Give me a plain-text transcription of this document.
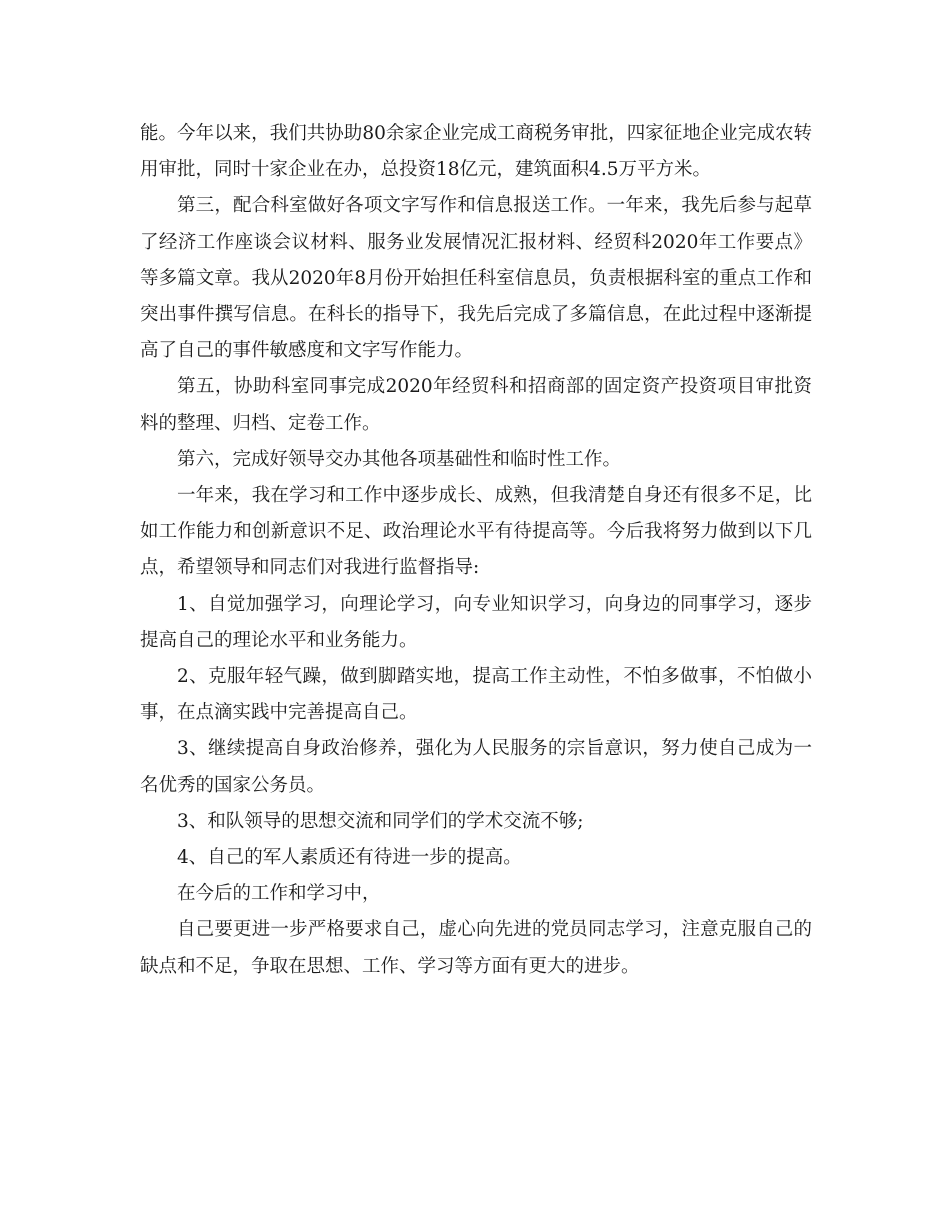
能。今年以来，我们共协助80余家企业完成工商税务审批，四家征地企业完成农转用审批，同时十家企业在办，总投资18亿元，建筑面积4.5万平方米。

第三，配合科室做好各项文字写作和信息报送工作。一年来，我先后参与起草了经济工作座谈会议材料、服务业发展情况汇报材料、经贸科2020年工作要点》等多篇文章。我从2020年8月份开始担任科室信息员，负责根据科室的重点工作和突出事件撰写信息。在科长的指导下，我先后完成了多篇信息，在此过程中逐渐提高了自己的事件敏感度和文字写作能力。

第五，协助科室同事完成2020年经贸科和招商部的固定资产投资项目审批资料的整理、归档、定卷工作。

第六，完成好领导交办其他各项基础性和临时性工作。

一年来，我在学习和工作中逐步成长、成熟，但我清楚自身还有很多不足，比如工作能力和创新意识不足、政治理论水平有待提高等。今后我将努力做到以下几点，希望领导和同志们对我进行监督指导:

1、自觉加强学习，向理论学习，向专业知识学习，向身边的同事学习，逐步提高自己的理论水平和业务能力。

2、克服年轻气躁，做到脚踏实地，提高工作主动性，不怕多做事，不怕做小事，在点滴实践中完善提高自己。

3、继续提高自身政治修养，强化为人民服务的宗旨意识，努力使自己成为一名优秀的国家公务员。

3、和队领导的思想交流和同学们的学术交流不够;

4、自己的军人素质还有待进一步的提高。

在今后的工作和学习中，

自己要更进一步严格要求自己，虚心向先进的党员同志学习，注意克服自己的缺点和不足，争取在思想、工作、学习等方面有更大的进步。
